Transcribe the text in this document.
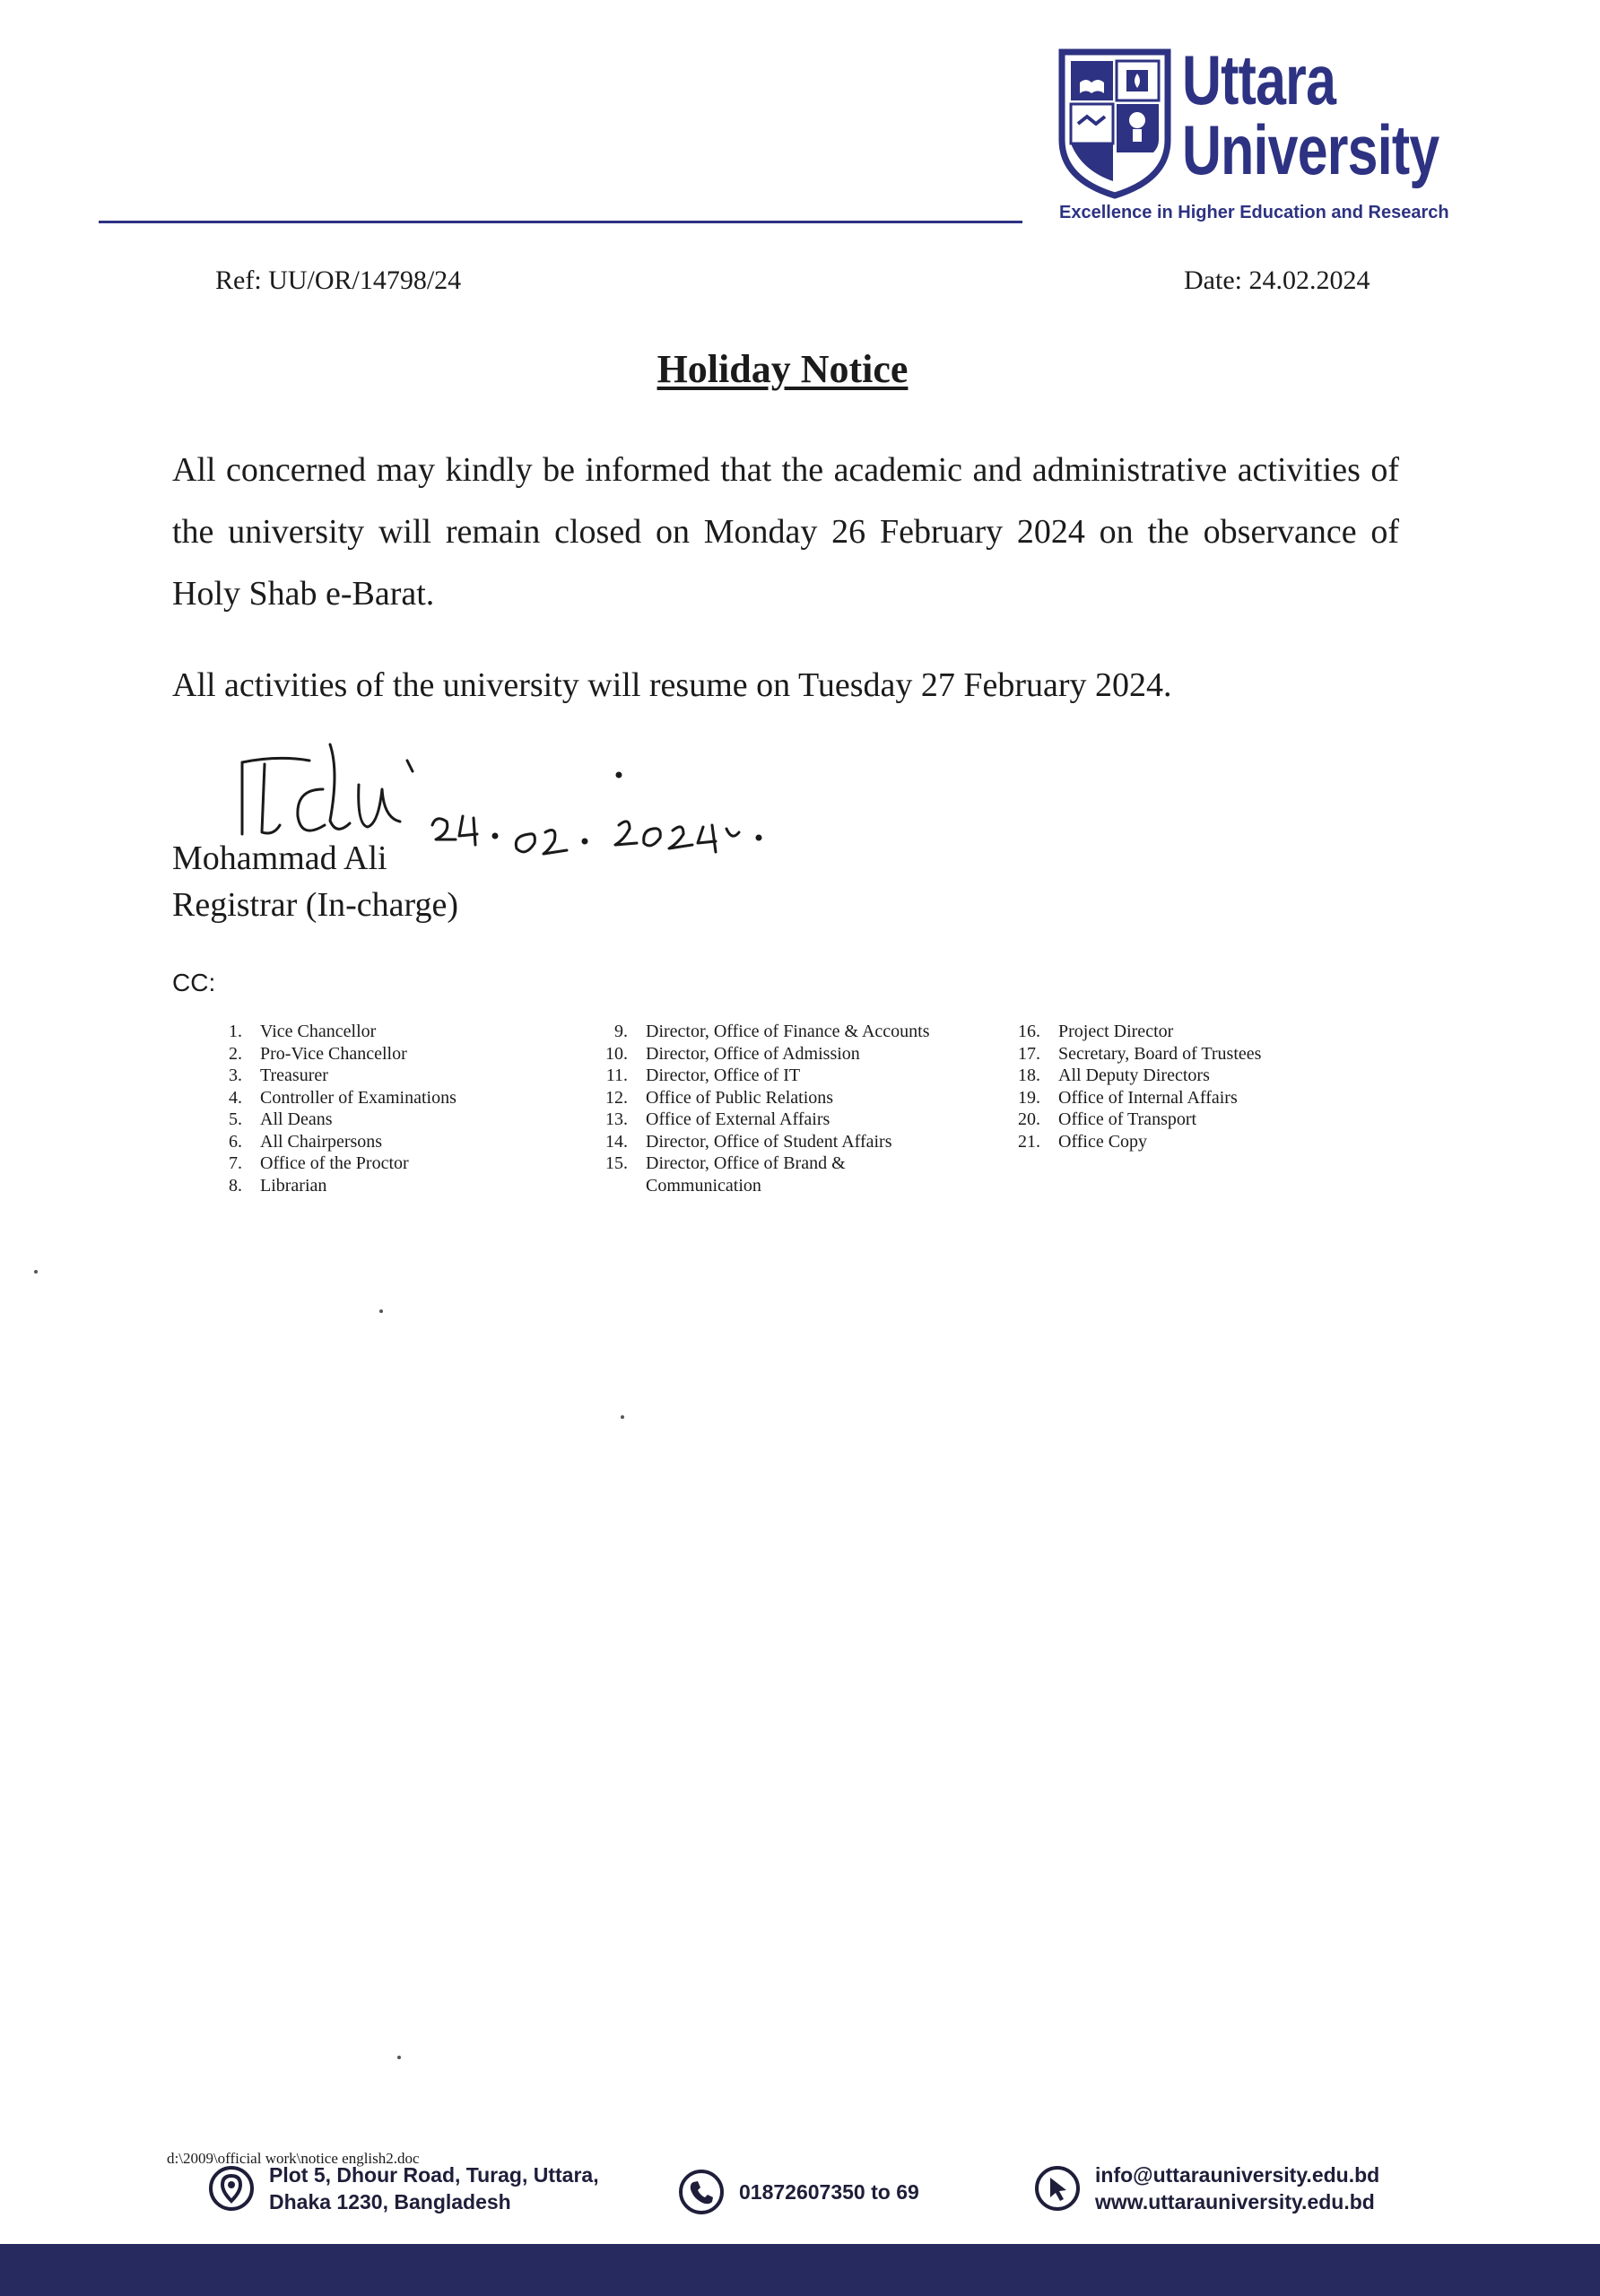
Uttara
University
Excellence in Higher Education and Research
Ref: UU/OR/14798/24	Date: 24.02.2024
Holiday Notice
All concerned may kindly be informed that the academic and administrative activities of the university will remain closed on Monday 26 February 2024 on the observance of Holy Shab e-Barat.
All activities of the university will resume on Tuesday 27 February 2024.
Mohammad Ali
Registrar (In-charge)
CC:
1.	Vice Chancellor
2.	Pro-Vice Chancellor
3.	Treasurer
4.	Controller of Examinations
5.	All Deans
6.	All Chairpersons
7.	Office of the Proctor
8.	Librarian
9.	Director, Office of Finance & Accounts
10.	Director, Office of Admission
11.	Director, Office of IT
12.	Office of Public Relations
13.	Office of External Affairs
14.	Director, Office of Student Affairs
15.	Director, Office of Brand &
Communication
16.	Project Director
17.	Secretary, Board of Trustees
18.	All Deputy Directors
19.	Office of Internal Affairs
20.	Office of Transport
21.	Office Copy
d:\2009\official work\notice english2.doc
Plot 5, Dhour Road, Turag, Uttara,
Dhaka 1230, Bangladesh	01872607350 to 69
info@uttarauniversity.edu.bd
www.uttarauniversity.edu.bd
